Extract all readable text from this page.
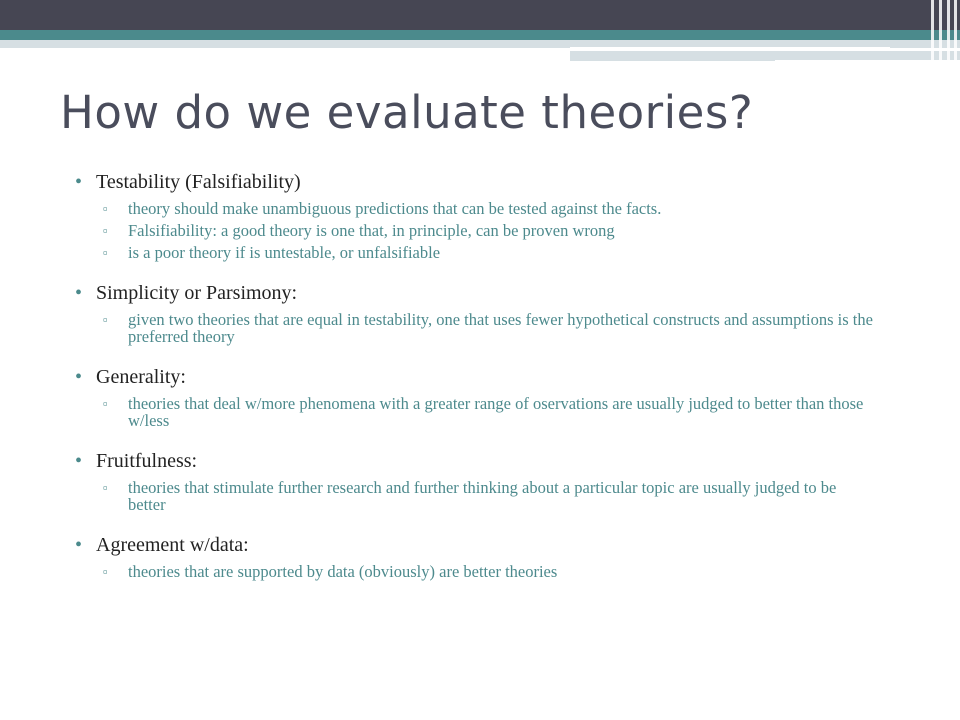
How do we evaluate theories?
• Testability (Falsifiability)
▫ theory should make unambiguous predictions that can be tested against the facts.
▫ Falsifiability: a good theory is one that, in principle, can be proven wrong
▫ is a poor theory if is untestable, or unfalsifiable
• Simplicity or Parsimony:
▫ given two theories that are equal in testability, one that uses fewer hypothetical constructs and assumptions is the preferred theory
• Generality:
▫ theories that deal w/more phenomena with a greater range of oservations are usually judged to better than those w/less
• Fruitfulness:
▫ theories that stimulate further research and further thinking about a particular topic are usually judged to be better
• Agreement w/data:
▫ theories that are supported by data (obviously) are better theories
